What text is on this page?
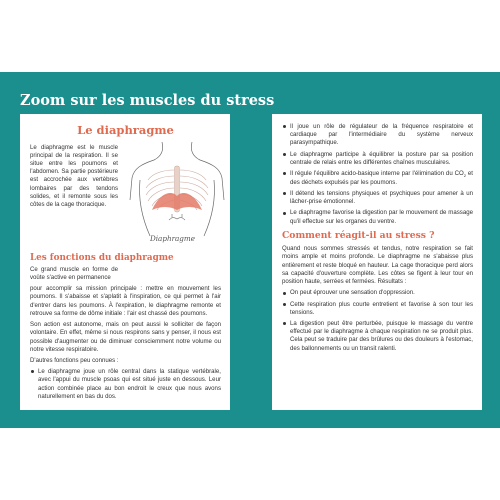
Zoom sur les muscles du stress
Le diaphragme

Le diaphragme est le muscle principal de la respiration. Il se situe entre les poumons et l'abdomen. Sa partie postérieure est accrochée aux vertèbres lombaires par des tendons solides, et il remonte sous les côtes de la cage thoracique.

Diaphragme
Les fonctions du diaphragme

Ce grand muscle en forme de voûte s'active en permanence

pour accomplir sa mission principale : mettre en mouvement les poumons. Il s'abaisse et s'aplatit à l'inspiration, ce qui permet à l'air d'entrer dans les poumons. À l'expiration, le diaphragme remonte et retrouve sa forme de dôme initiale : l'air est chassé des poumons.

Son action est autonome, mais on peut aussi le solliciter de façon volontaire. En effet, même si nous respirons sans y penser, il nous est possible d'augmenter ou de diminuer consciemment notre volume ou notre vitesse respiratoire.

D'autres fonctions peu connues :

Le diaphragme joue un rôle central dans la statique vertébrale, avec l'appui du muscle psoas qui est situé juste en dessous. Leur action combinée place au bon endroit le creux que nous avons naturellement en bas du dos.
Il joue un rôle de régulateur de la fréquence respiratoire et cardiaque par l'intermédiaire du système nerveux parasympathique.
Le diaphragme participe à équilibrer la posture par sa position centrale de relais entre les différentes chaînes musculaires.
Il régule l'équilibre acido-basique interne par l'élimination du $CO_2$ et des déchets expulsés par les poumons.
Il détend les tensions physiques et psychiques pour amener à un lâcher-prise émotionnel.
Le diaphragme favorise la digestion par le mouvement de massage qu'il effectue sur les organes du ventre.
Comment réagit-il au stress ?

Quand nous sommes stressés et tendus, notre respiration se fait moins ample et moins profonde. Le diaphragme ne s'abaisse plus entièrement et reste bloqué en hauteur. La cage thoracique perd alors sa capacité d'ouverture complète. Les côtes se figent à leur tour en position haute, serrées et fermées. Résultats :

On peut éprouver une sensation d'oppression.
Cette respiration plus courte entretient et favorise à son tour les tensions.
La digestion peut être perturbée, puisque le massage du ventre effectué par le diaphragme à chaque respiration ne se produit plus. Cela peut se traduire par des brûlures ou des douleurs à l'estomac, des ballonnements ou un transit ralenti.
